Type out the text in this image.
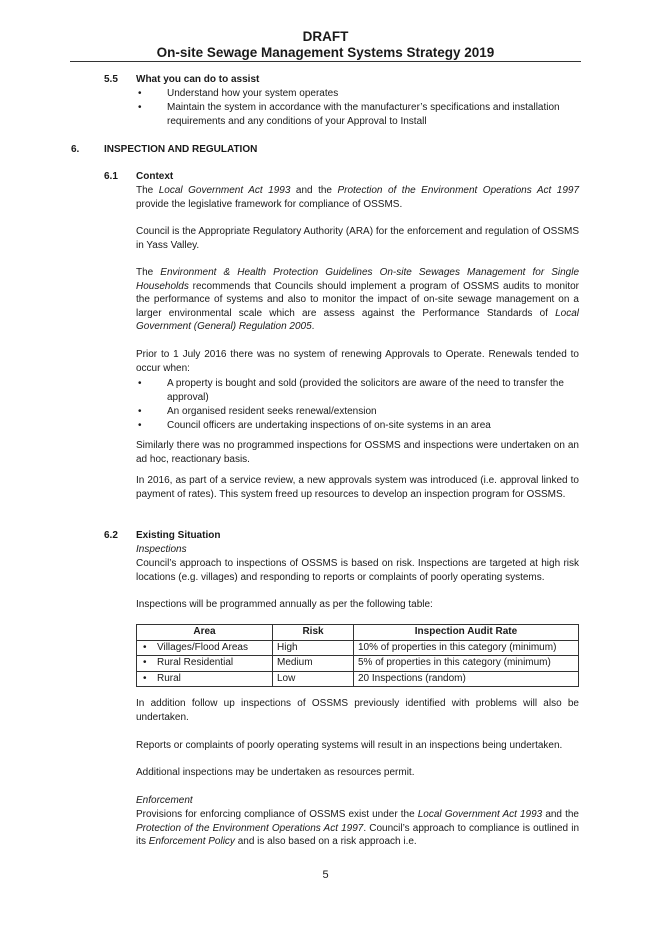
DRAFT
On-site Sewage Management Systems Strategy 2019
5.5 What you can do to assist
•	Understand how your system operates
•	Maintain the system in accordance with the manufacturer’s specifications and installation requirements and any conditions of your Approval to Install
6. INSPECTION AND REGULATION
6.1 Context
The Local Government Act 1993 and the Protection of the Environment Operations Act 1997 provide the legislative framework for compliance of OSSMS.
Council is the Appropriate Regulatory Authority (ARA) for the enforcement and regulation of OSSMS in Yass Valley.
The Environment & Health Protection Guidelines On-site Sewages Management for Single Households recommends that Councils should implement a program of OSSMS audits to monitor the performance of systems and also to monitor the impact of on-site sewage management on a larger environmental scale which are assess against the Performance Standards of Local Government (General) Regulation 2005.
Prior to 1 July 2016 there was no system of renewing Approvals to Operate. Renewals tended to occur when:
•	A property is bought and sold (provided the solicitors are aware of the need to transfer the approval)
•	An organised resident seeks renewal/extension
•	Council officers are undertaking inspections of on-site systems in an area
Similarly there was no programmed inspections for OSSMS and inspections were undertaken on an ad hoc, reactionary basis.
In 2016, as part of a service review, a new approvals system was introduced (i.e. approval linked to payment of rates). This system freed up resources to develop an inspection program for OSSMS.
6.2 Existing Situation
Inspections
Council’s approach to inspections of OSSMS is based on risk. Inspections are targeted at high risk locations (e.g. villages) and responding to reports or complaints of poorly operating systems.
Inspections will be programmed annually as per the following table:
Area	Risk	Inspection Audit Rate
• Villages/Flood Areas	High	10% of properties in this category (minimum)
• Rural Residential	Medium	5% of properties in this category (minimum)
• Rural	Low	20 Inspections (random)
In addition follow up inspections of OSSMS previously identified with problems will also be undertaken.
Reports or complaints of poorly operating systems will result in an inspections being undertaken.
Additional inspections may be undertaken as resources permit.
Enforcement
Provisions for enforcing compliance of OSSMS exist under the Local Government Act 1993 and the Protection of the Environment Operations Act 1997. Council’s approach to compliance is outlined in its Enforcement Policy and is also based on a risk approach i.e.
5
